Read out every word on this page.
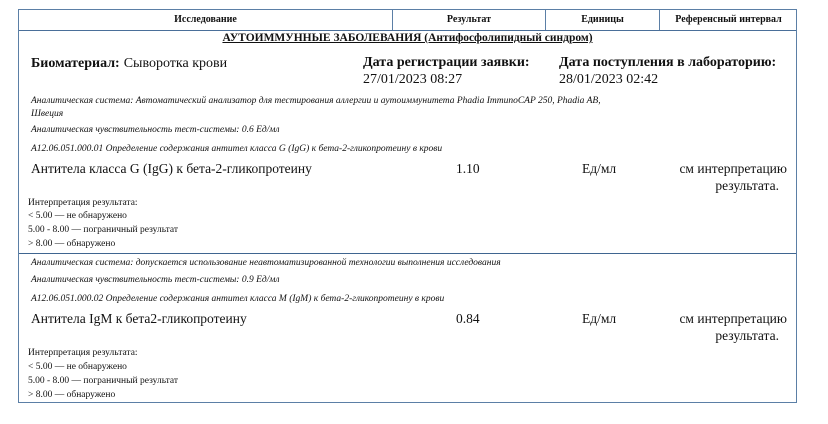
Исследование	Результат	Единицы	Референсный интервал
АУТОИММУННЫЕ ЗАБОЛЕВАНИЯ (Антифосфолипидный синдром)
Биоматериал: Сыворотка крови	Дата регистрации заявки:
27/01/2023 08:27
Дата поступления в лабораторию:
28/01/2023 02:42
Аналитическая система: Автоматический анализатор для тестирования аллергии и аутоиммунитета Phadia ImmunoCAP 250, Phadia AB,
Швеция
Аналитическая чувствительность тест-системы: 0.6 Ед/мл
A12.06.051.000.01 Определение содержания антител класса G (IgG) к бета-2-гликопротеину в крови
Антитела класса G (IgG) к бета-2-гликопротеину	1.10	Ед/мл	см интерпретацию
результата.
Интерпретация результата:
< 5.00 — не обнаружено
5.00 - 8.00 — пограничный результат
> 8.00 — обнаружено
Аналитическая система: допускается использование неавтоматизированной технологии выполнения исследования
Аналитическая чувствительность тест-системы: 0.9 Ед/мл
A12.06.051.000.02 Определение содержания антител класса M (IgM) к бета-2-гликопротеину в крови
Антитела IgM к бета2-гликопротеину	0.84	Ед/мл	см интерпретацию
результата.
Интерпретация результата:
< 5.00 — не обнаружено
5.00 - 8.00 — пограничный результат
> 8.00 — обнаружено
